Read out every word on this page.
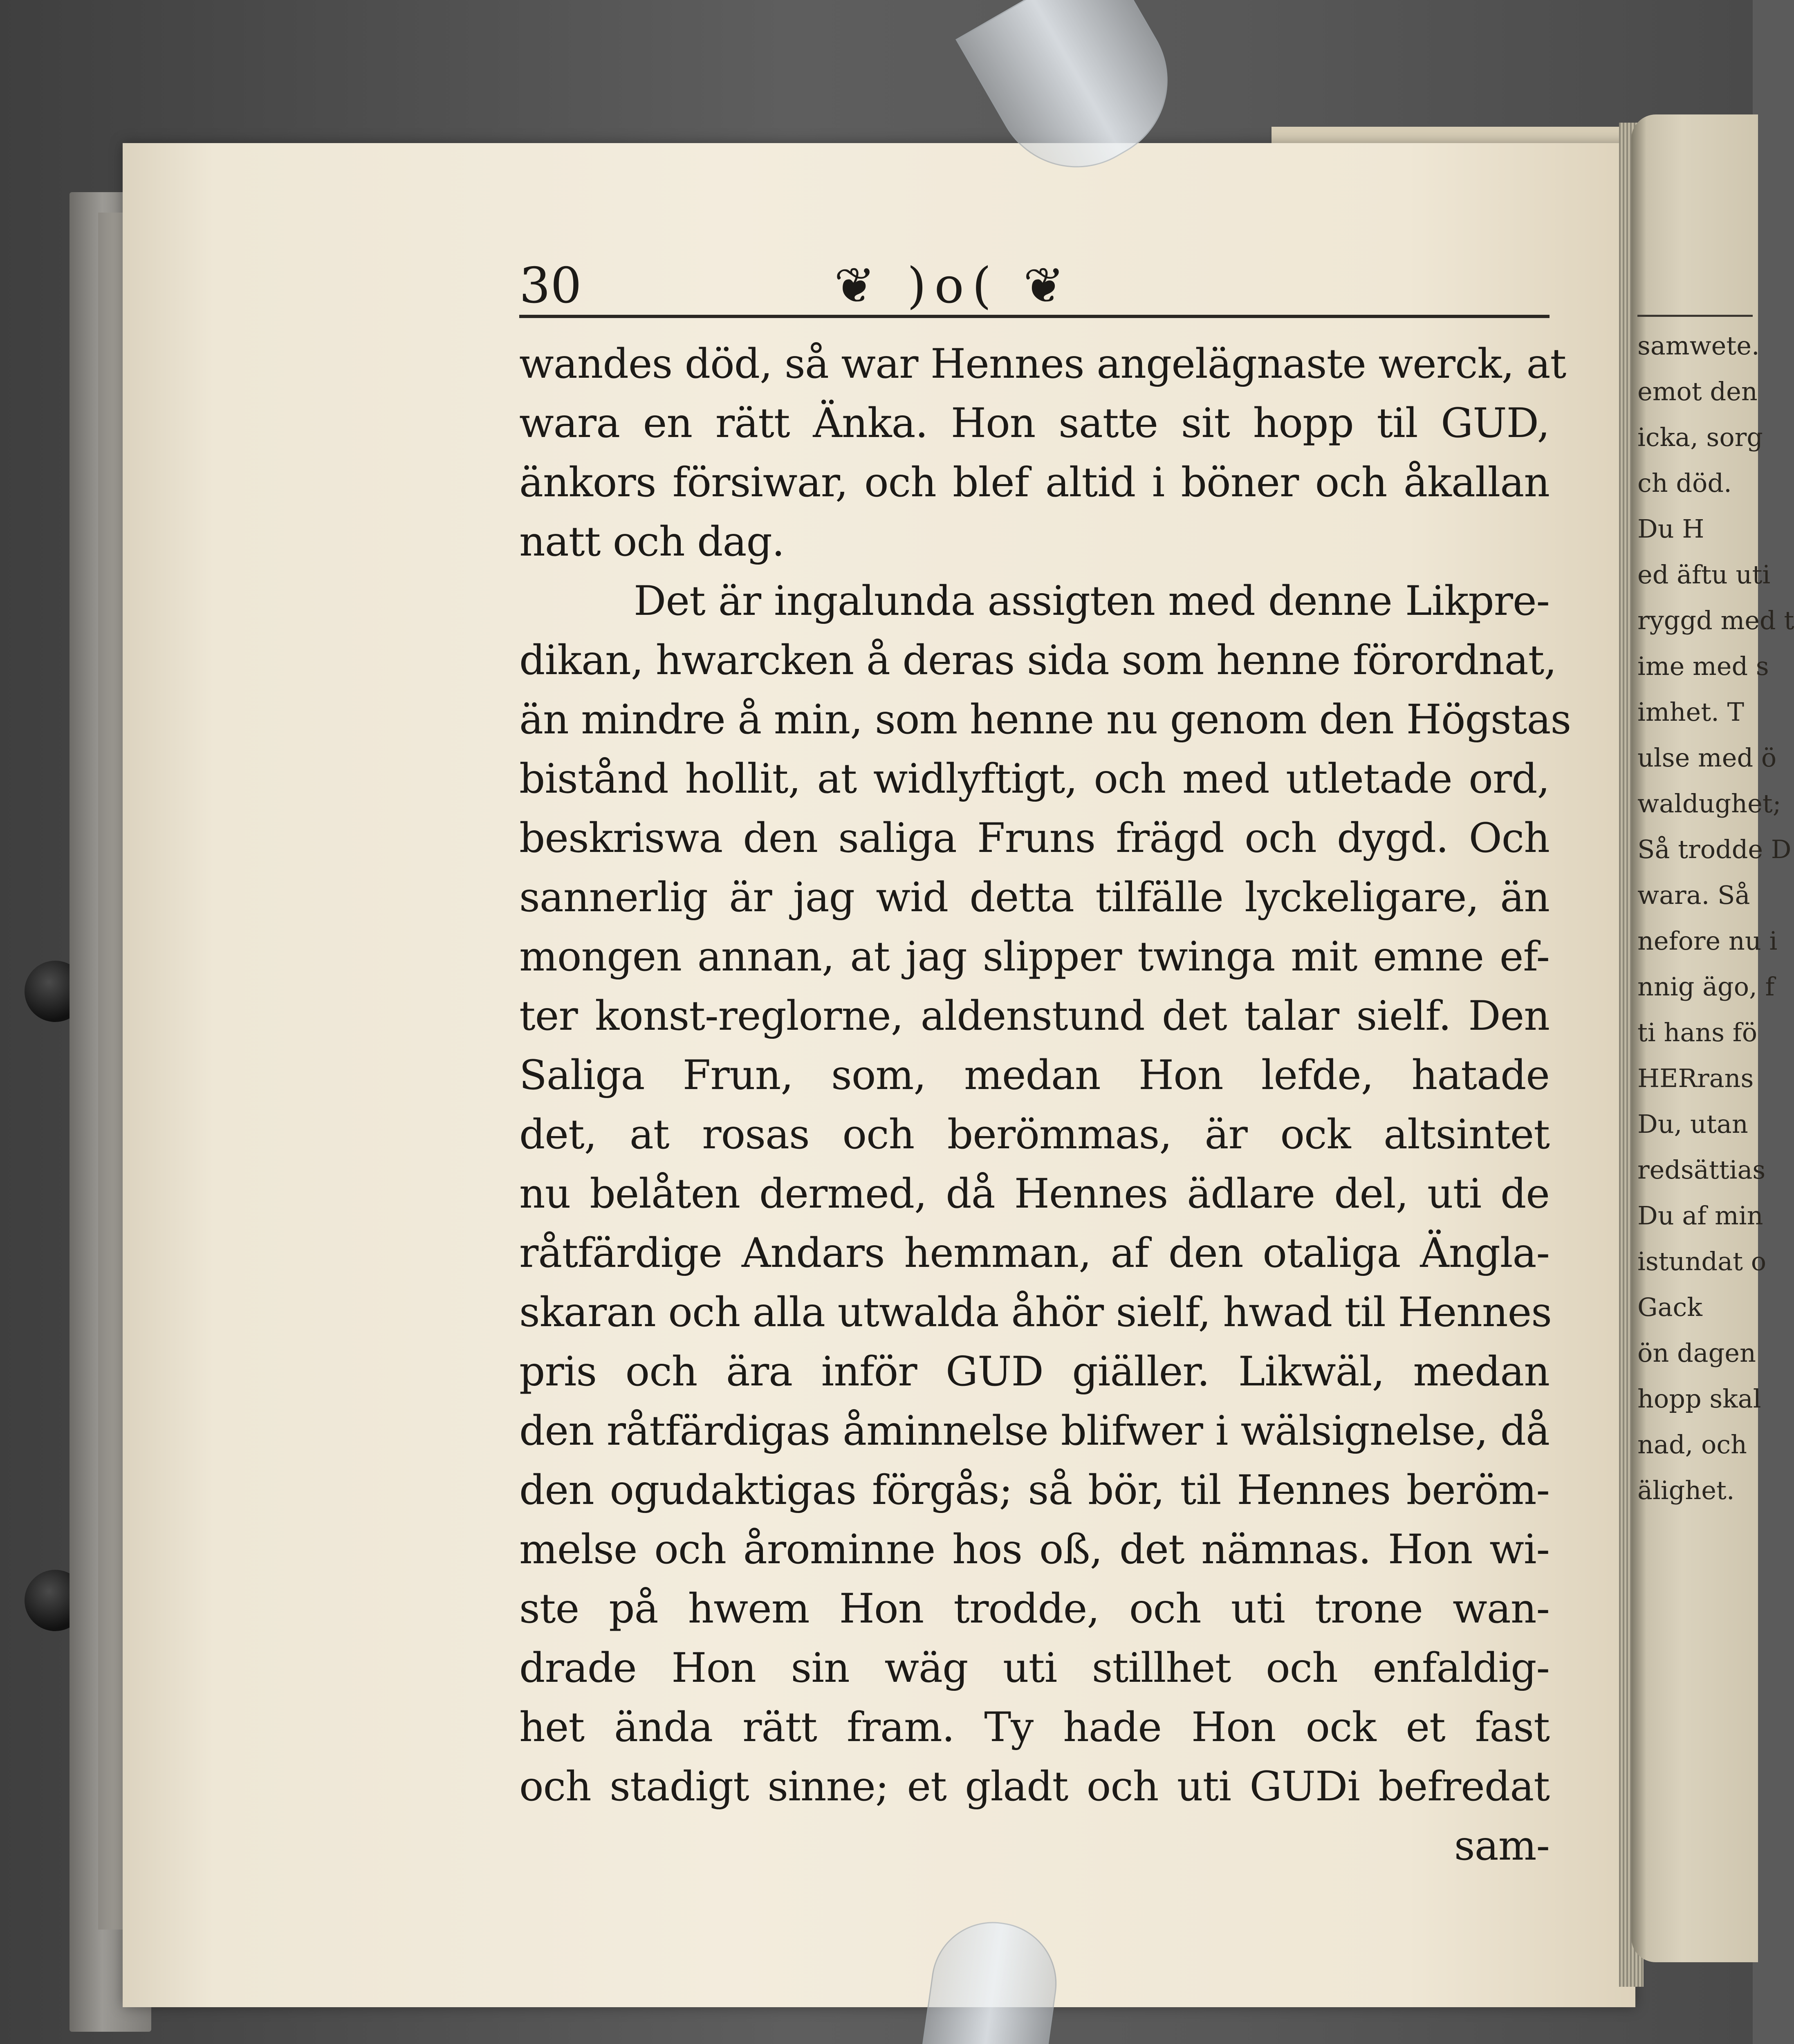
samwete.
emot den
icka, sorg
ch död.
Du H
ed äftu uti
ryggd med t
ime med s
imhet. T
ulse med ö
waldughet;
Så trodde D
wara. Så
nefore nu i
nnig ägo, f
ti hans fö
HERrans
Du, utan
redsättias
Du af min
istundat o
Gack
ön dagen
hopp skal
nad, och
älighet.
30	❦ )o( ❦
wandes död, så war Hennes angelägnaste werck, at
wara en rätt Änka. Hon satte sit hopp til GUD,
änkors försiwar, och blef altid i böner och åkallan
natt och dag.
Det är ingalunda assigten med denne Likpre-
dikan, hwarcken å deras sida som henne förordnat,
än mindre å min, som henne nu genom den Högstas
bistånd hollit, at widlyftigt, och med utletade ord,
beskriswa den saliga Fruns frägd och dygd. Och
sannerlig är jag wid detta tilfälle lyckeligare, än
mongen annan, at jag slipper twinga mit emne ef-
ter konst-reglorne, aldenstund det talar sielf. Den
Saliga Frun, som, medan Hon lefde, hatade
det, at rosas och berömmas, är ock altsintet
nu belåten dermed, då Hennes ädlare del, uti de
råtfärdige Andars hemman, af den otaliga Ängla-
skaran och alla utwalda åhör sielf, hwad til Hennes
pris och ära inför GUD giäller. Likwäl, medan
den råtfärdigas åminnelse blifwer i wälsignelse, då
den ogudaktigas förgås; så bör, til Hennes beröm-
melse och årominne hos oß, det nämnas. Hon wi-
ste på hwem Hon trodde, och uti trone wan-
drade Hon sin wäg uti stillhet och enfaldig-
het ända rätt fram. Ty hade Hon ock et fast
och stadigt sinne; et gladt och uti GUDi befredat
sam-
